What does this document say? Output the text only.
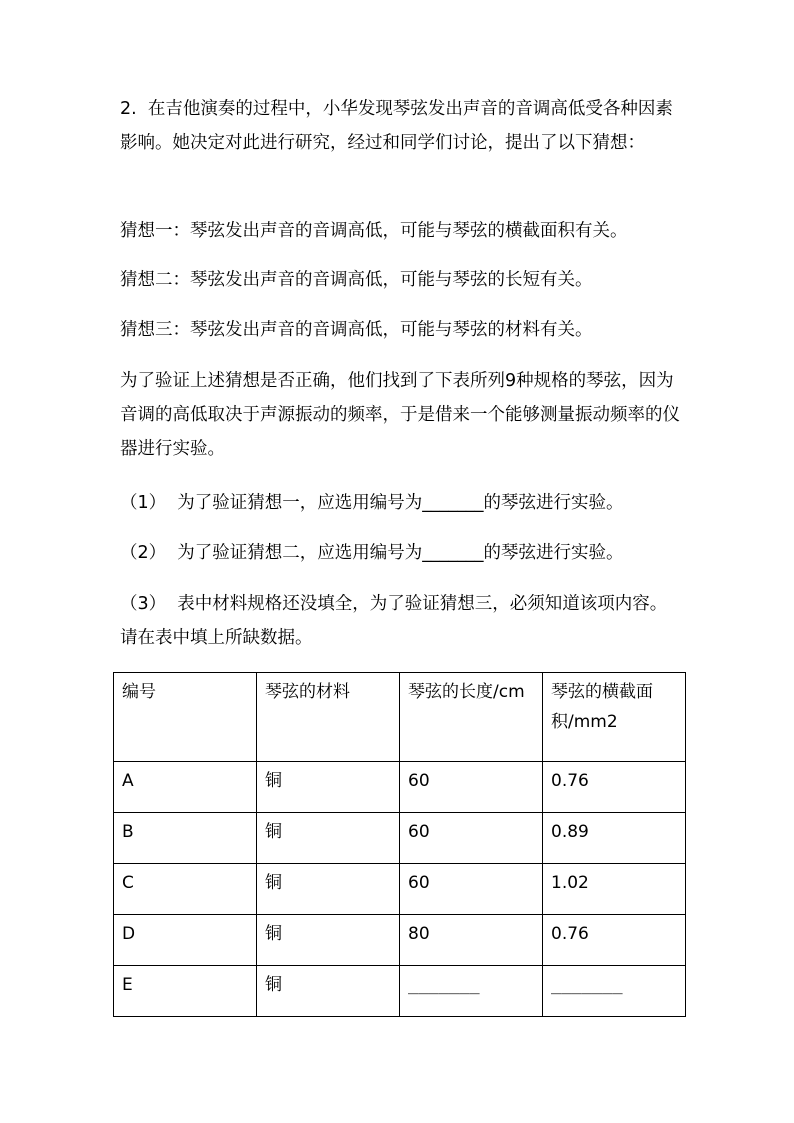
2.  在吉他演奏的过程中，小华发现琴弦发出声音的音调高低受各种因素影响。她决定对此进行研究，经过和同学们讨论，提出了以下猜想：
猜想一：琴弦发出声音的音调高低，可能与琴弦的横截面积有关。
猜想二：琴弦发出声音的音调高低，可能与琴弦的长短有关。
猜想三：琴弦发出声音的音调高低，可能与琴弦的材料有关。
为了验证上述猜想是否正确，他们找到了下表所列9种规格的琴弦，因为音调的高低取决于声源振动的频率，于是借来一个能够测量振动频率的仪器进行实验。
（1）  为了验证猜想一，应选用编号为_______的琴弦进行实验。
（2）  为了验证猜想二，应选用编号为_______的琴弦进行实验。
（3）  表中材料规格还没填全，为了验证猜想三，必须知道该项内容。请在表中填上所缺数据。
编号	琴弦的材料	琴弦的长度/cm	琴弦的横截面积/mm2
A	铜	60	0.76
B	铜	60	0.89
C	铜	60	1.02
D	铜	80	0.76
E	铜	_______	_______
